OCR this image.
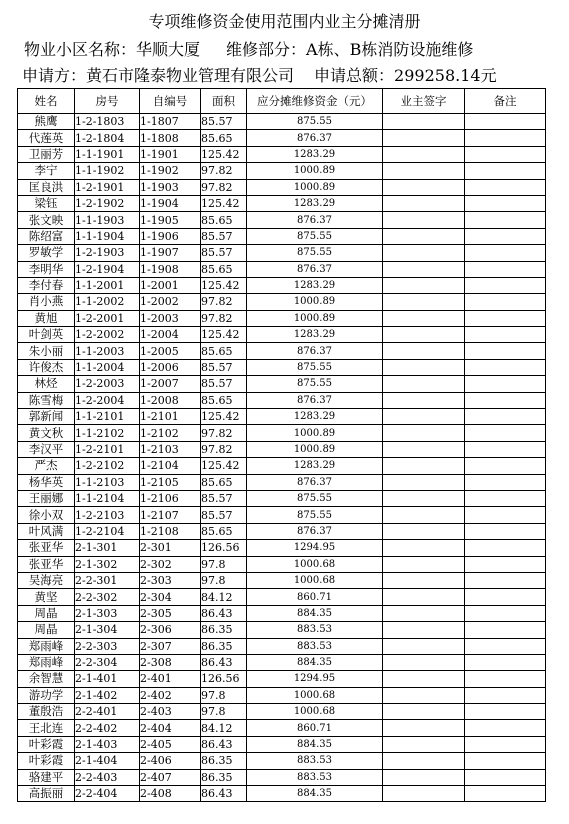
专项维修资金使用范围内业主分摊清册
物业小区名称：华顺大厦 维修部分：A栋、B栋消防设施维修
申请方：黄石市隆泰物业管理有限公司 申请总额：299258.14元
姓名	房号	自编号	面积	应分摊维修资金（元）	业主签字	备注
熊鹰	1-2-1803	1-1807	85.57	875.55		
代莲英	1-2-1804	1-1808	85.65	876.37		
卫丽芳	1-1-1901	1-1901	125.42	1283.29		
李宁	1-1-1902	1-1902	97.82	1000.89		
匡良洪	1-2-1901	1-1903	97.82	1000.89		
梁钰	1-2-1902	1-1904	125.42	1283.29		
张文映	1-1-1903	1-1905	85.65	876.37		
陈绍富	1-1-1904	1-1906	85.57	875.55		
罗敏学	1-2-1903	1-1907	85.57	875.55		
李明华	1-2-1904	1-1908	85.65	876.37		
李付春	1-1-2001	1-2001	125.42	1283.29		
肖小燕	1-1-2002	1-2002	97.82	1000.89		
黄旭	1-2-2001	1-2003	97.82	1000.89		
叶剑英	1-2-2002	1-2004	125.42	1283.29		
朱小丽	1-1-2003	1-2005	85.65	876.37		
许俊杰	1-1-2004	1-2006	85.57	875.55		
林烃	1-2-2003	1-2007	85.57	875.55		
陈雪梅	1-2-2004	1-2008	85.65	876.37		
郭新闻	1-1-2101	1-2101	125.42	1283.29		
黄文秋	1-1-2102	1-2102	97.82	1000.89		
李汉平	1-2-2101	1-2103	97.82	1000.89		
严杰	1-2-2102	1-2104	125.42	1283.29		
杨华英	1-1-2103	1-2105	85.65	876.37		
王丽娜	1-1-2104	1-2106	85.57	875.55		
徐小双	1-2-2103	1-2107	85.57	875.55		
叶风满	1-2-2104	1-2108	85.65	876.37		
张亚华	2-1-301	2-301	126.56	1294.95		
张亚华	2-1-302	2-302	97.8	1000.68		
吴海亮	2-2-301	2-303	97.8	1000.68		
黄坚	2-2-302	2-304	84.12	860.71		
周晶	2-1-303	2-305	86.43	884.35		
周晶	2-1-304	2-306	86.35	883.53		
郑雨峰	2-2-303	2-307	86.35	883.53		
郑雨峰	2-2-304	2-308	86.43	884.35		
余智慧	2-1-401	2-401	126.56	1294.95		
游功学	2-1-402	2-402	97.8	1000.68		
董殷浩	2-2-401	2-403	97.8	1000.68		
王北连	2-2-402	2-404	84.12	860.71		
叶彩霞	2-1-403	2-405	86.43	884.35		
叶彩霞	2-1-404	2-406	86.35	883.53		
骆建平	2-2-403	2-407	86.35	883.53		
高振丽	2-2-404	2-408	86.43	884.35		
